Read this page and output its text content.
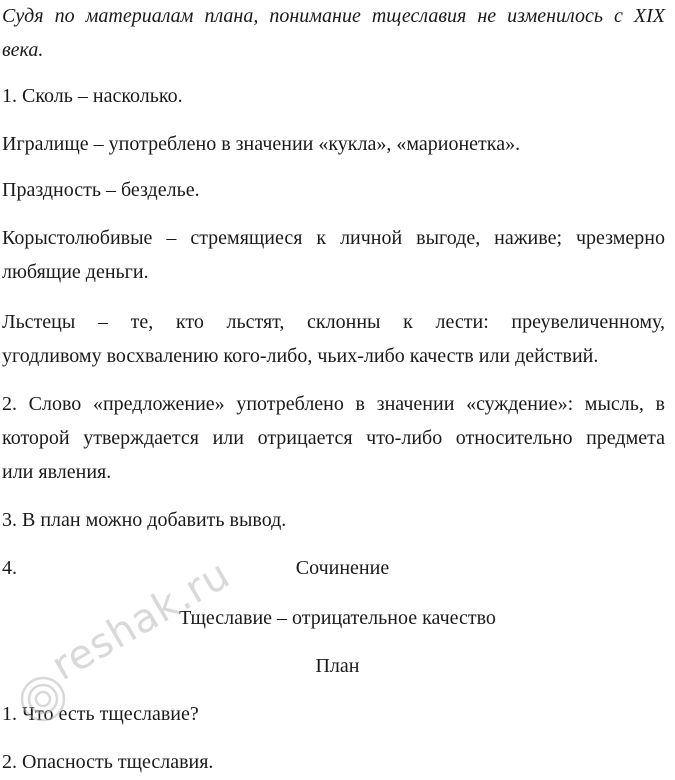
Судя по материалам плана, понимание тщеславия не изменилось с XIX
века.
1. Сколь – насколько.
Игралище – употреблено в значении «кукла», «марионетка».
Праздность – безделье.
Корыстолюбивые – стремящиеся к личной выгоде, наживе; чрезмерно
любящие деньги.
Льстецы – те, кто льстят, склонны к лести: преувеличенному,
угодливому восхвалению кого-либо, чьих-либо качеств или действий.
2. Слово «предложение» употреблено в значении «суждение»: мысль, в
которой утверждается или отрицается что-либо относительно предмета
или явления.
3. В план можно добавить вывод.
4.	Сочинение
Тщеславие – отрицательное качество
План
1. Что есть тщеславие?
2. Опасность тщеславия.
reshak.ru
